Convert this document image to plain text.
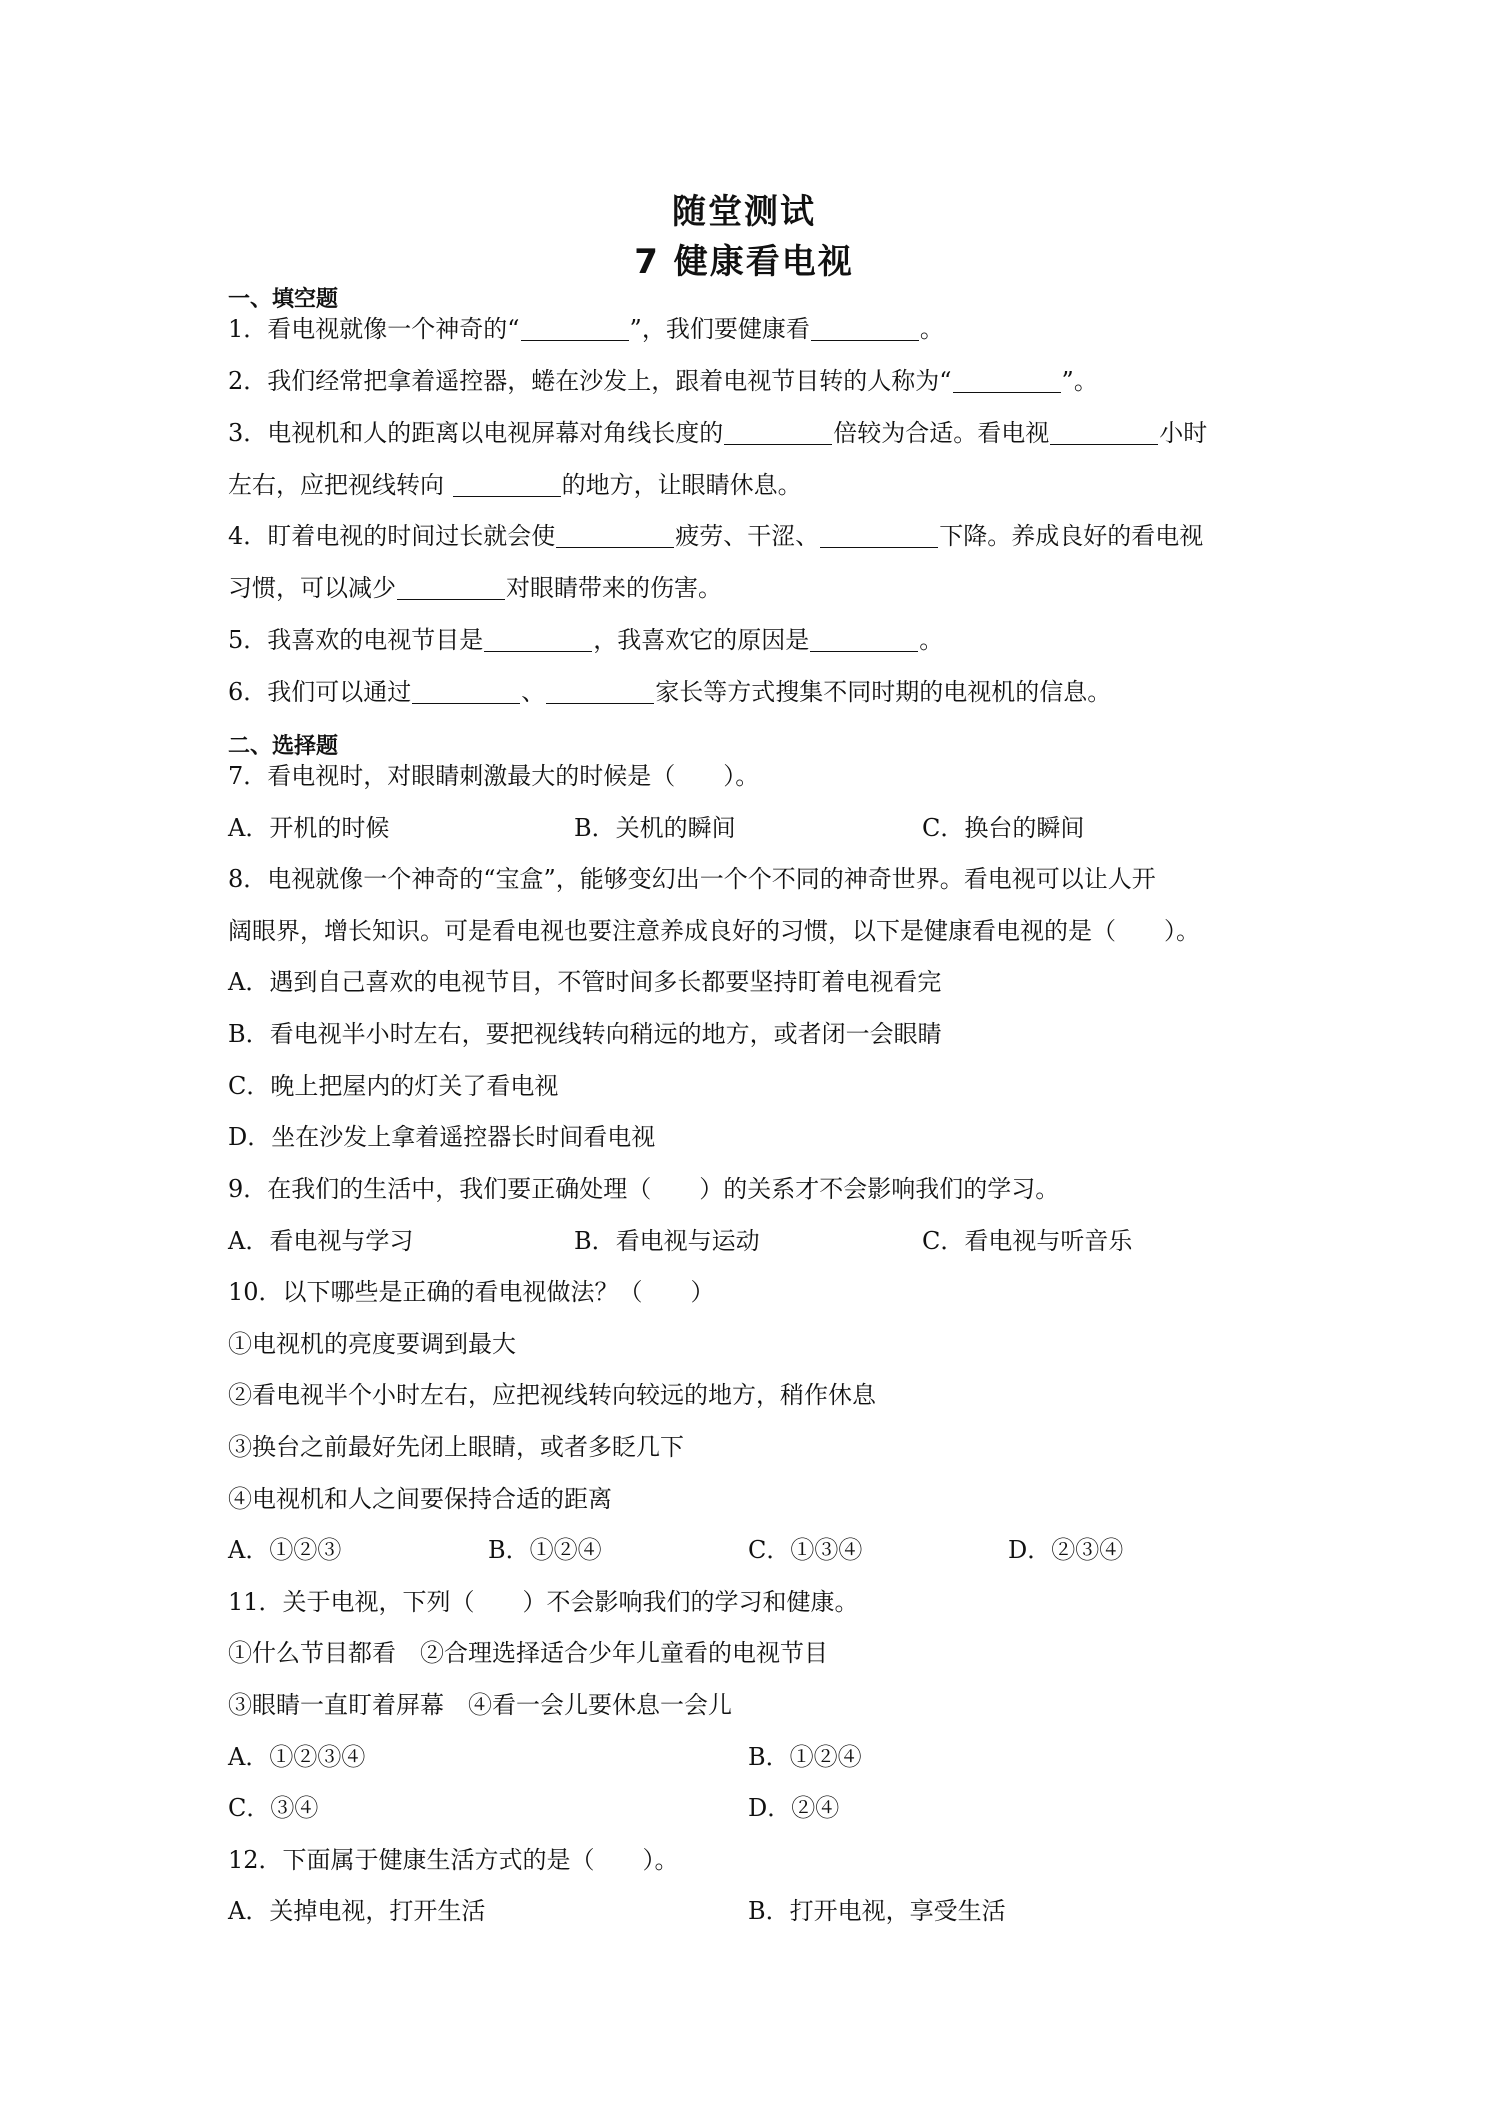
随堂测试
7 健康看电视
一、填空题
1．看电视就像一个神奇的“	”，我们要健康看	。
2．我们经常把拿着遥控器，蜷在沙发上，跟着电视节目转的人称为“	”。
3．电视机和人的距离以电视屏幕对角线长度的	倍较为合适。看电视	小时
左右，应把视线转向	的地方，让眼睛休息。
4．盯着电视的时间过长就会使	疲劳、干涩、	下降。养成良好的看电视
习惯，可以减少	对眼睛带来的伤害。
5．我喜欢的电视节目是	，我喜欢它的原因是	。
6．我们可以通过	、	家长等方式搜集不同时期的电视机的信息。
二、选择题
7．看电视时，对眼睛刺激最大的时候是（　　）。
A．开机的时候	B．关机的瞬间	C．换台的瞬间
8．电视就像一个神奇的“宝盒”，能够变幻出一个个不同的神奇世界。看电视可以让人开
阔眼界，增长知识。可是看电视也要注意养成良好的习惯，以下是健康看电视的是（　　）。
A．遇到自己喜欢的电视节目，不管时间多长都要坚持盯着电视看完
B．看电视半小时左右，要把视线转向稍远的地方，或者闭一会眼睛
C．晚上把屋内的灯关了看电视
D．坐在沙发上拿着遥控器长时间看电视
9．在我们的生活中，我们要正确处理（　　）的关系才不会影响我们的学习。
A．看电视与学习	B．看电视与运动	C．看电视与听音乐
10．以下哪些是正确的看电视做法？（　　）
①电视机的亮度要调到最大
②看电视半个小时左右，应把视线转向较远的地方，稍作休息
③换台之前最好先闭上眼睛，或者多眨几下
④电视机和人之间要保持合适的距离
A．①②③	B．①②④	C．①③④	D．②③④
11．关于电视，下列（　　）不会影响我们的学习和健康。
①什么节目都看　②合理选择适合少年儿童看的电视节目
③眼睛一直盯着屏幕　④看一会儿要休息一会儿
A．①②③④	B．①②④
C．③④	D．②④
12．下面属于健康生活方式的是（　　）。
A．关掉电视，打开生活	B．打开电视，享受生活
